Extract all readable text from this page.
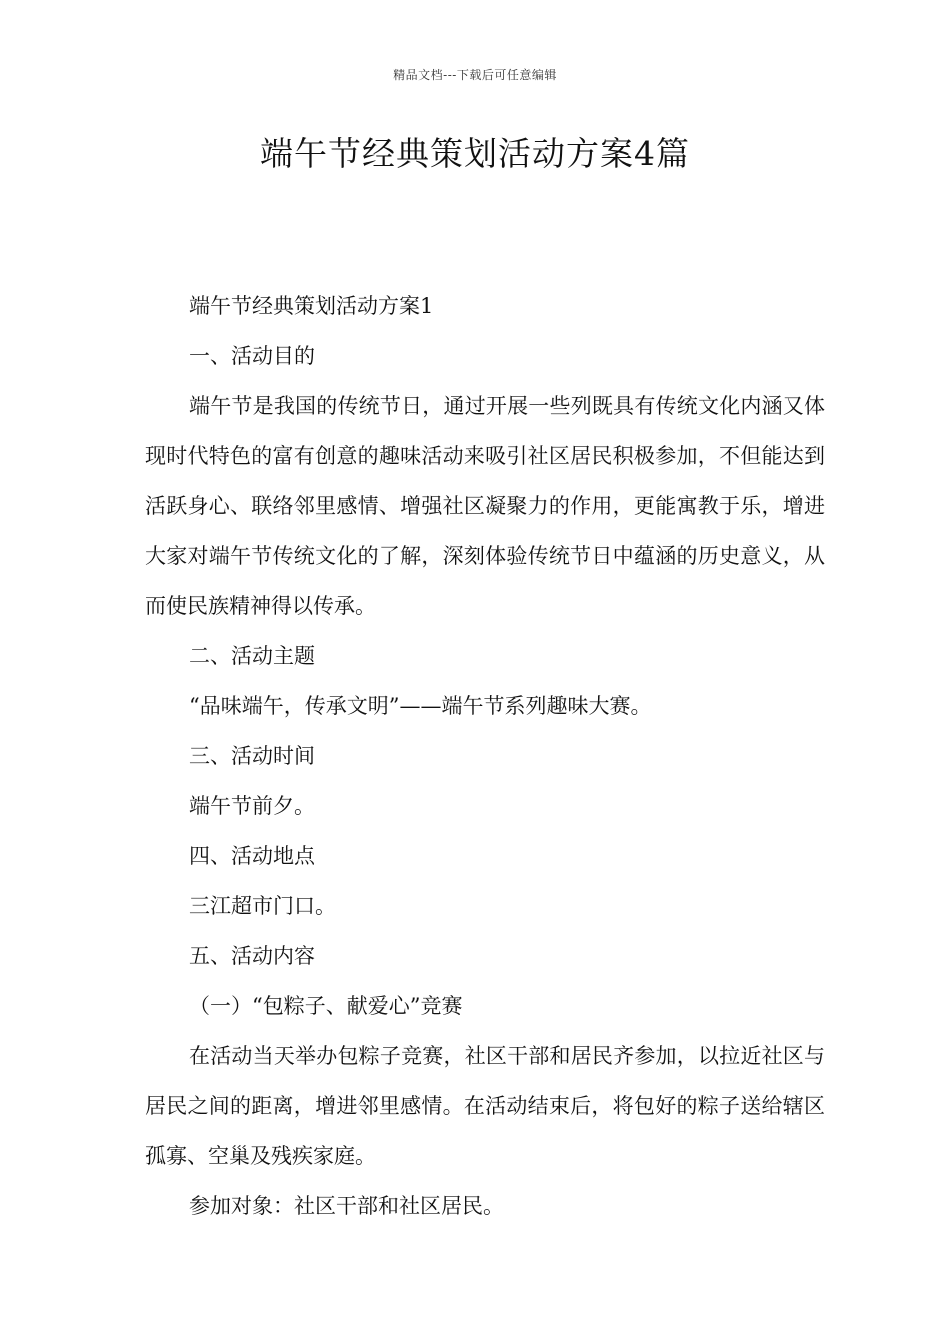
精品文档---下载后可任意编辑
端午节经典策划活动方案4篇

端午节经典策划活动方案1

一、活动目的

端午节是我国的传统节日，通过开展一些列既具有传统文化内涵又体现时代特色的富有创意的趣味活动来吸引社区居民积极参加，不但能达到活跃身心、联络邻里感情、增强社区凝聚力的作用，更能寓教于乐，增进大家对端午节传统文化的了解，深刻体验传统节日中蕴涵的历史意义，从而使民族精神得以传承。

二、活动主题

“品味端午，传承文明”——端午节系列趣味大赛。

三、活动时间

端午节前夕。

四、活动地点

三江超市门口。

五、活动内容

（一）“包粽子、献爱心”竞赛

在活动当天举办包粽子竞赛，社区干部和居民齐参加，以拉近社区与居民之间的距离，增进邻里感情。在活动结束后，将包好的粽子送给辖区孤寡、空巢及残疾家庭。

参加对象：社区干部和社区居民。
